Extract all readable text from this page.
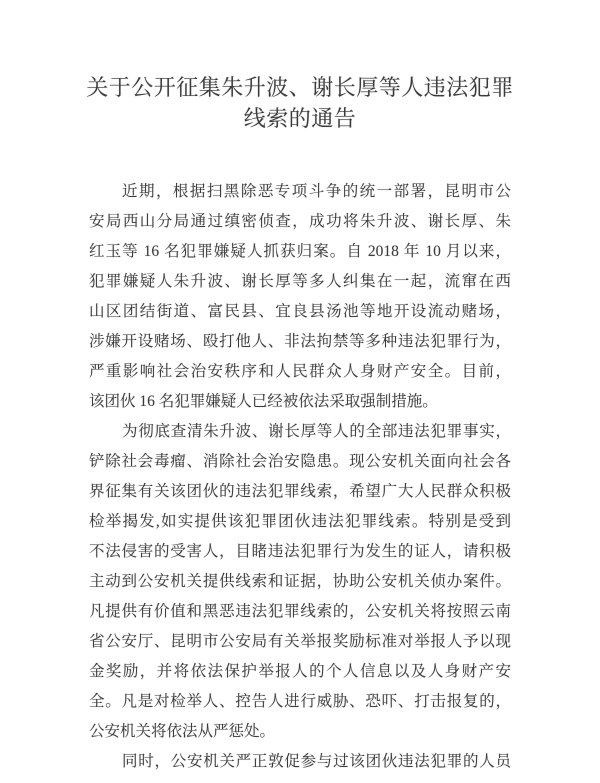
关于公开征集朱升波、谢长厚等人违法犯罪
线索的通告
近期，根据扫黑除恶专项斗争的统一部署，昆明市公
安局西山分局通过缜密侦查，成功将朱升波、谢长厚、朱
红玉等 16 名犯罪嫌疑人抓获归案。自 2018 年 10 月以来，
犯罪嫌疑人朱升波、谢长厚等多人纠集在一起，流窜在西
山区团结街道、富民县、宜良县汤池等地开设流动赌场，
涉嫌开设赌场、殴打他人、非法拘禁等多种违法犯罪行为，
严重影响社会治安秩序和人民群众人身财产安全。目前，
该团伙 16 名犯罪嫌疑人已经被依法采取强制措施。
为彻底查清朱升波、谢长厚等人的全部违法犯罪事实，
铲除社会毒瘤、消除社会治安隐患。现公安机关面向社会各
界征集有关该团伙的违法犯罪线索，希望广大人民群众积极
检举揭发,如实提供该犯罪团伙违法犯罪线索。特别是受到
不法侵害的受害人，目睹违法犯罪行为发生的证人，请积极
主动到公安机关提供线索和证据，协助公安机关侦办案件。
凡提供有价值和黑恶违法犯罪线索的，公安机关将按照云南
省公安厅、昆明市公安局有关举报奖励标准对举报人予以现
金奖励，并将依法保护举报人的个人信息以及人身财产安
全。凡是对检举人、控告人进行威胁、恐吓、打击报复的，
公安机关将依法从严惩处。
同时，公安机关严正敦促参与过该团伙违法犯罪的人员
